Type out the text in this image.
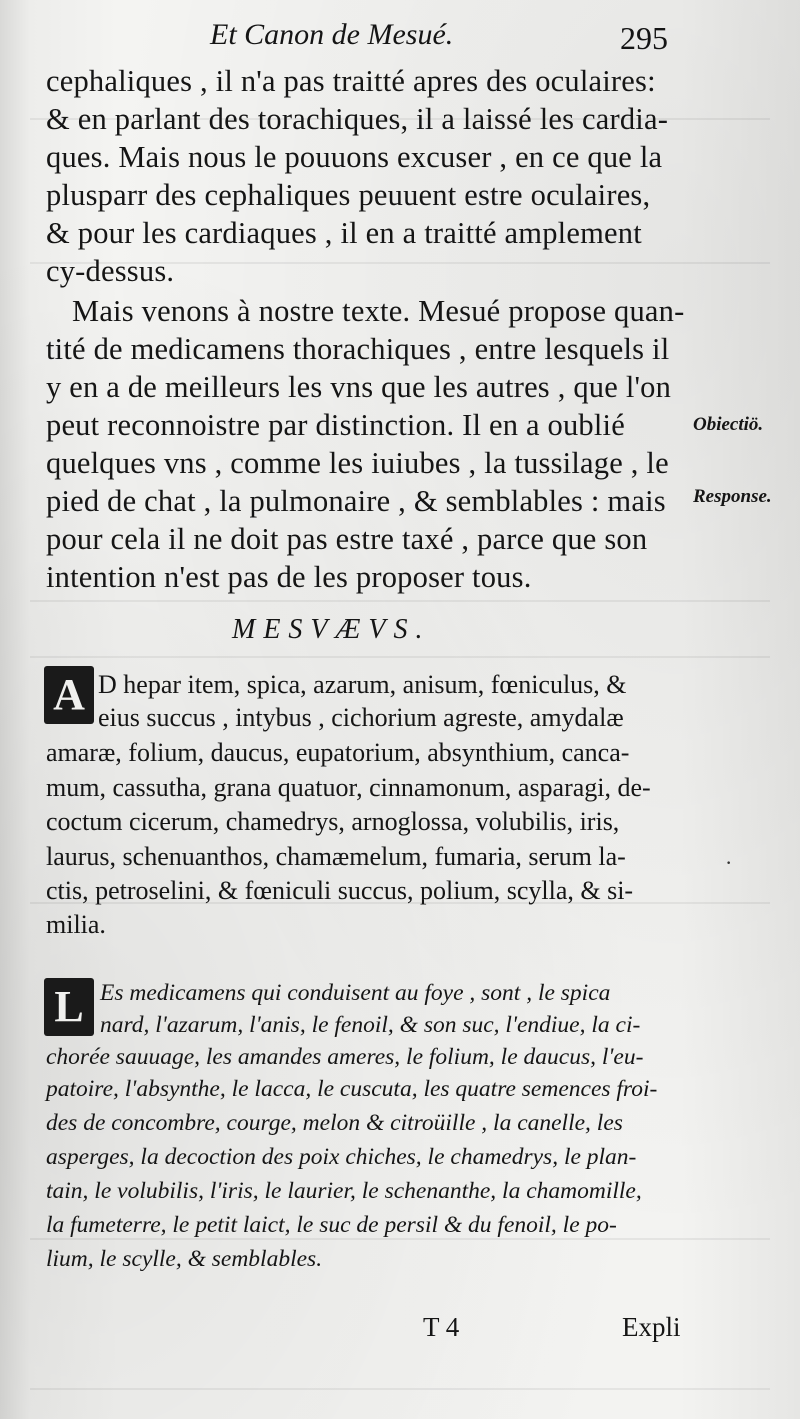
Et Canon de Mesué.	295
cephaliques , il n'a pas traitté apres des oculaires:
& en parlant des torachiques, il a laissé les cardia-
ques. Mais nous le pouuons excuser , en ce que la
plusparr des cephaliques peuuent estre oculaires,
& pour les cardiaques , il en a traitté amplement
cy-dessus.
Mais venons à nostre texte. Mesué propose quan-
tité de medicamens thorachiques , entre lesquels il
y en a de meilleurs les vns que les autres , que l'on
peut reconnoistre par distinction. Il en a oublié
quelques vns , comme les iuiubes , la tussilage , le
pied de chat , la pulmonaire , & semblables : mais
pour cela il ne doit pas estre taxé , parce que son
intention n'est pas de les proposer tous.
Obiectiö.
Response.
MESVÆVS.
A D hepar item, spica, azarum, anisum, fœniculus, &
eius succus , intybus , cichorium agreste, amydalæ
amaræ, folium, daucus, eupatorium, absynthium, canca-
mum, cassutha, grana quatuor, cinnamonum, asparagi, de-
coctum cicerum, chamedrys, arnoglossa, volubilis, iris,
laurus, schenuanthos, chamæmelum, fumaria, serum la-
ctis, petroselini, & fœniculi succus, polium, scylla, & si-
milia.
·
L Es medicamens qui conduisent au foye , sont , le spica
nard, l'azarum, l'anis, le fenoil, & son suc, l'endiue, la ci-
chorée sauuage, les amandes ameres, le folium, le daucus, l'eu-
patoire, l'absynthe, le lacca, le cuscuta, les quatre semences froi-
des de concombre, courge, melon & citroüille , la canelle, les
asperges, la decoction des poix chiches, le chamedrys, le plan-
tain, le volubilis, l'iris, le laurier, le schenanthe, la chamomille,
la fumeterre, le petit laict, le suc de persil & du fenoil, le po-
lium, le scylle, & semblables.
T 4	Expli
